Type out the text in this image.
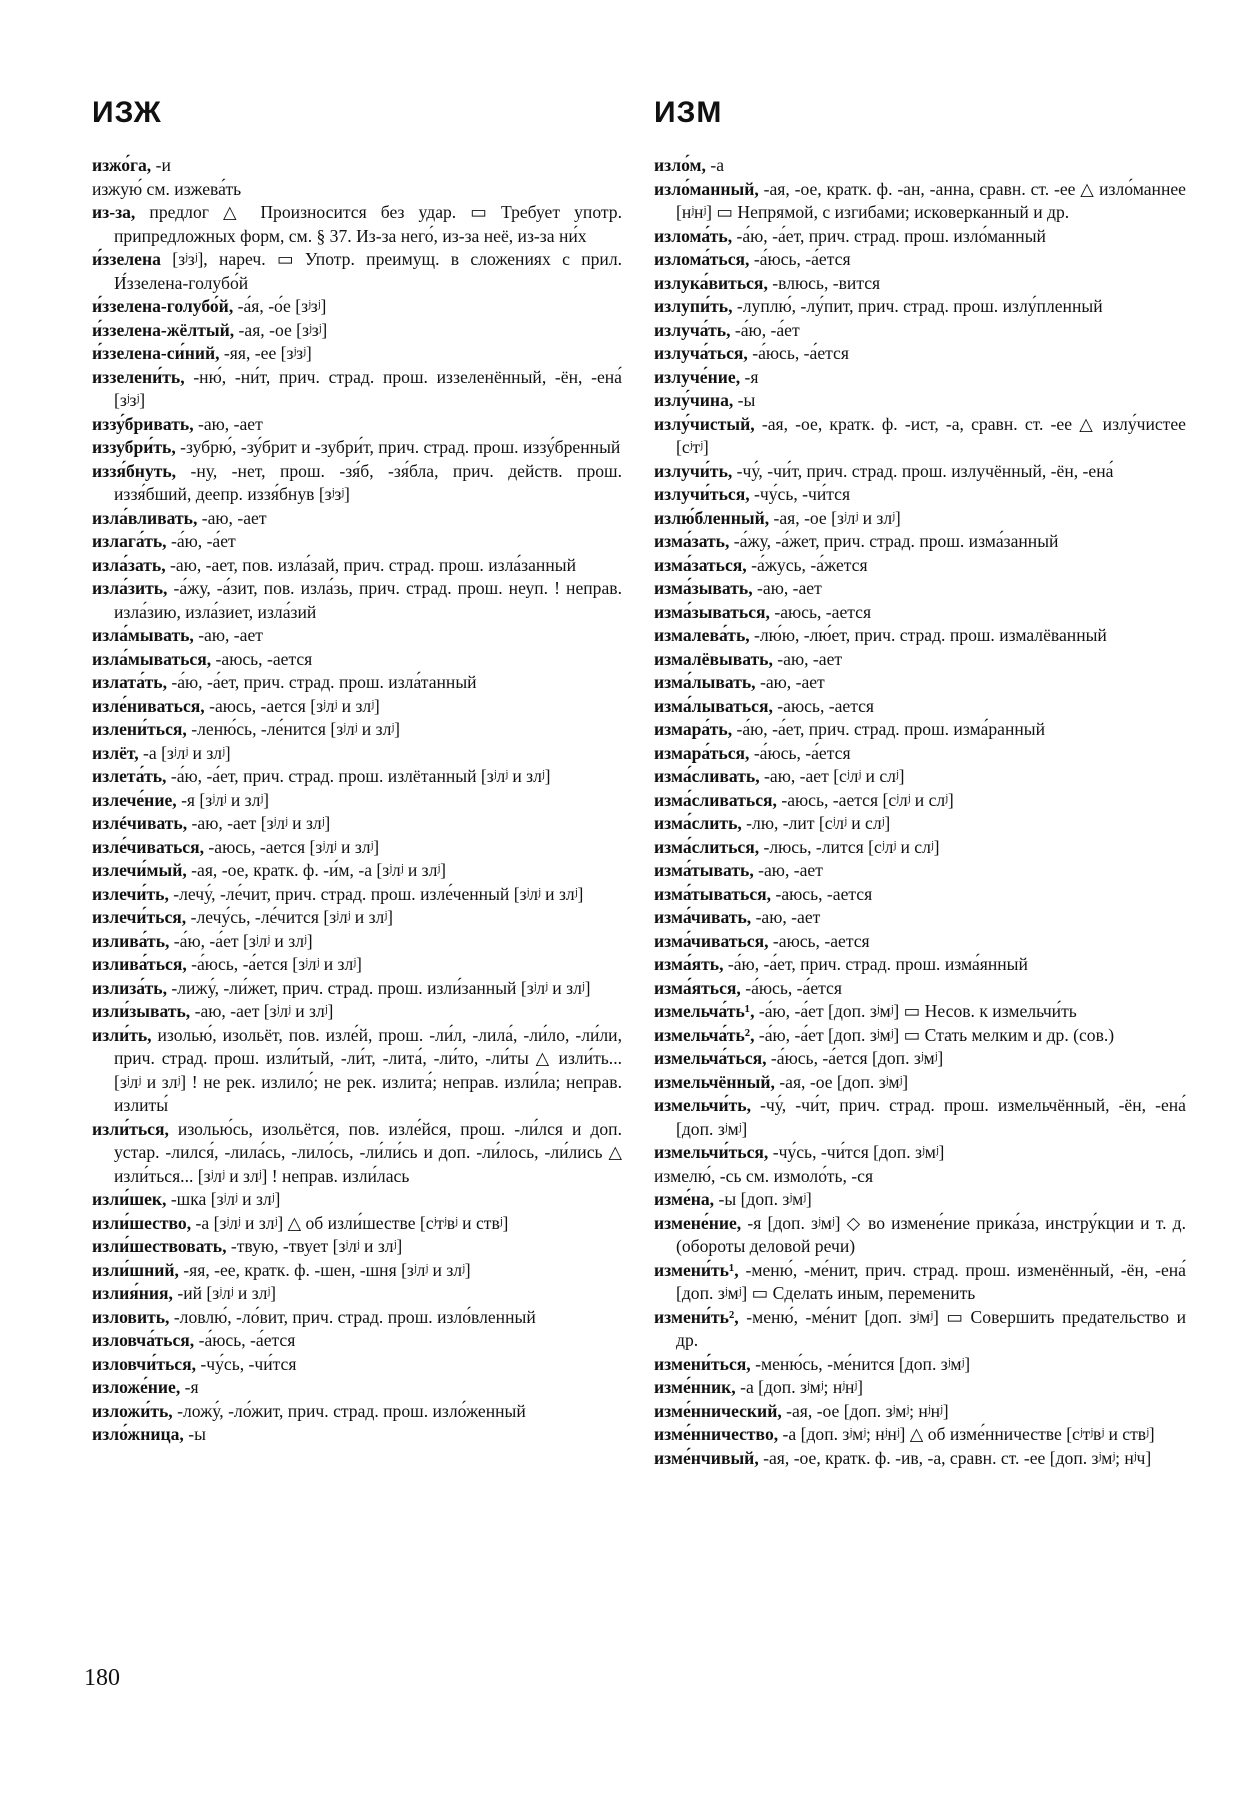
ИЗЖ

изжо́га, -и

изжую́ см. изжева́ть

из-за, предлог △ Произносится без удар. ▭ Требует употр. припредложных форм, см. § 37. Из-за него́, из-за неё, из-за ни́х

и́ззелена [зʲзʲ], нареч. ▭ Употр. преимущ. в сложениях с прил. И́ззелена-голубо́й

и́ззелена-голубо́й, -а́я, -о́е [зʲзʲ]

и́ззелена-жёлтый, -ая, -ое [зʲзʲ]

и́ззелена-си́ний, -яя, -ее [зʲзʲ]

иззелени́ть, -ню́, -ни́т, прич. страд. прош. иззеленённый, -ён, -ена́ [зʲзʲ]

иззу́бривать, -аю, -ает

иззубри́ть, -зубрю́, -зу́брит и -зубри́т, прич. страд. прош. иззу́бренный

иззя́бнуть, -ну, -нет, прош. -зя́б, -зя́бла, прич. действ. прош. иззя́бший, деепр. иззя́бнув [зʲзʲ]

изла́вливать, -аю, -ает

излага́ть, -а́ю, -а́ет

изла́зать, -аю, -ает, пов. изла́зай, прич. страд. прош. изла́занный

изла́зить, -а́жу, -а́зит, пов. изла́зь, прич. страд. прош. неуп. ! неправ. изла́зию, изла́зиет, изла́зий

изла́мывать, -аю, -ает

изла́мываться, -аюсь, -ается

излата́ть, -а́ю, -а́ет, прич. страд. прош. изла́танный

изле́ниваться, -аюсь, -ается [зʲлʲ и злʲ]

излени́ться, -леню́сь, -ле́нится [зʲлʲ и злʲ]

излёт, -а [зʲлʲ и злʲ]

излета́ть, -а́ю, -а́ет, прич. страд. прош. излётанный [зʲлʲ и злʲ]

излече́ние, -я [зʲлʲ и злʲ]

излéчивать, -аю, -ает [зʲлʲ и злʲ]

изле́чиваться, -аюсь, -ается [зʲлʲ и злʲ]

излечи́мый, -ая, -ое, кратк. ф. -и́м, -а [зʲлʲ и злʲ]

излечи́ть, -лечу́, -ле́чит, прич. страд. прош. изле́ченный [зʲлʲ и злʲ]

излечи́ться, -лечу́сь, -ле́чится [зʲлʲ и злʲ]

излива́ть, -а́ю, -а́ет [зʲлʲ и злʲ]

излива́ться, -а́юсь, -а́ется [зʲлʲ и злʲ]

излиза́ть, -лижу́, -ли́жет, прич. страд. прош. изли́занный [зʲлʲ и злʲ]

изли́зывать, -аю, -ает [зʲлʲ и злʲ]

изли́ть, изолью́, изольёт, пов. изле́й, прош. -ли́л, -лила́, -ли́ло, -ли́ли, прич. страд. прош. изли́тый, -ли́т, -лита́, -ли́то, -ли́ты △ изли́ть... [зʲлʲ и злʲ] ! не рек. излило́; не рек. излита́; неправ. изли́ла; неправ. излиты́

изли́ться, изолью́сь, изольётся, пов. изле́йся, прош. -ли́лся и доп. устар. -лился́, -лила́сь, -лило́сь, -ли́ли́сь и доп. -ли́лось, -ли́лись △ изли́ться... [зʲлʲ и злʲ] ! неправ. изли́лась

изли́шек, -шка [зʲлʲ и злʲ]

изли́шество, -а [зʲлʲ и злʲ] △ об изли́шестве [сʲтʲвʲ и ствʲ]

изли́шествовать, -твую, -твует [зʲлʲ и злʲ]

изли́шний, -яя, -ее, кратк. ф. -шен, -шня [зʲлʲ и злʲ]

излия́ния, -ий [зʲлʲ и злʲ]

изловить, -ловлю́, -ло́вит, прич. страд. прош. изло́вленный

изловча́ться, -а́юсь, -а́ется

изловчи́ться, -чу́сь, -чи́тся

изложе́ние, -я

изложи́ть, -ложу́, -ло́жит, прич. страд. прош. изло́женный

изло́жница, -ы

ИЗМ

изло́м, -а

изло́манный, -ая, -ое, кратк. ф. -ан, -анна, сравн. ст. -ее △ изло́маннее [нʲнʲ] ▭ Непрямой, с изгибами; исковерканный и др.

излома́ть, -а́ю, -а́ет, прич. страд. прош. изло́манный

излома́ться, -а́юсь, -а́ется

излука́виться, -влюсь, -вится

излупи́ть, -луплю́, -лу́пит, прич. страд. прош. излу́пленный

излуча́ть, -а́ю, -а́ет

излуча́ться, -а́юсь, -а́ется

излуче́ние, -я

излу́чина, -ы

излу́чистый, -ая, -ое, кратк. ф. -ист, -а, сравн. ст. -ее △ излу́чистее [сʲтʲ]

излучи́ть, -чу́, -чи́т, прич. страд. прош. излучённый, -ён, -ена́

излучи́ться, -чу́сь, -чи́тся

излю́бленный, -ая, -ое [зʲлʲ и злʲ]

изма́зать, -а́жу, -а́жет, прич. страд. прош. изма́занный

изма́заться, -а́жусь, -а́жется

изма́зывать, -аю, -ает

изма́зываться, -аюсь, -ается

измалева́ть, -лю́ю, -лю́ет, прич. страд. прош. измалёванный

измалёвывать, -аю, -ает

изма́лывать, -аю, -ает

изма́лываться, -аюсь, -ается

измара́ть, -а́ю, -а́ет, прич. страд. прош. изма́ранный

измара́ться, -а́юсь, -а́ется

изма́сливать, -аю, -ает [сʲлʲ и слʲ]

изма́сливаться, -аюсь, -ается [сʲлʲ и слʲ]

изма́слить, -лю, -лит [сʲлʲ и слʲ]

изма́слиться, -люсь, -лится [сʲлʲ и слʲ]

изма́тывать, -аю, -ает

изма́тываться, -аюсь, -ается

изма́чивать, -аю, -ает

изма́чиваться, -аюсь, -ается

изма́ять, -а́ю, -а́ет, прич. страд. прош. изма́янный

изма́яться, -а́юсь, -а́ется

измельча́ть¹, -а́ю, -а́ет [доп. зʲмʲ] ▭ Несов. к измельчи́ть

измельча́ть², -а́ю, -а́ет [доп. зʲмʲ] ▭ Стать мелким и др. (сов.)

измельча́ться, -а́юсь, -а́ется [доп. зʲмʲ]

измельчённый, -ая, -ое [доп. зʲмʲ]

измельчи́ть, -чу́, -чи́т, прич. страд. прош. измельчённый, -ён, -ена́ [доп. зʲмʲ]

измельчи́ться, -чу́сь, -чи́тся [доп. зʲмʲ]

измелю́, -сь см. измоло́ть, -ся

изме́на, -ы [доп. зʲмʲ]

измене́ние, -я [доп. зʲмʲ] ◇ во измене́ние прика́за, инстру́кции и т. д. (обороты деловой речи)

измени́ть¹, -меню́, -ме́нит, прич. страд. прош. изменённый, -ён, -ена́ [доп. зʲмʲ] ▭ Сделать иным, переменить

измени́ть², -меню́, -ме́нит [доп. зʲмʲ] ▭ Совершить предательство и др.

измени́ться, -меню́сь, -ме́нится [доп. зʲмʲ]

изме́нник, -а [доп. зʲмʲ; нʲнʲ]

изме́ннический, -ая, -ое [доп. зʲмʲ; нʲнʲ]

изме́нничество, -а [доп. зʲмʲ; нʲнʲ] △ об изме́нничестве [сʲтʲвʲ и ствʲ]

изме́нчивый, -ая, -ое, кратк. ф. -ив, -а, сравн. ст. -ее [доп. зʲмʲ; нʲч]

180
